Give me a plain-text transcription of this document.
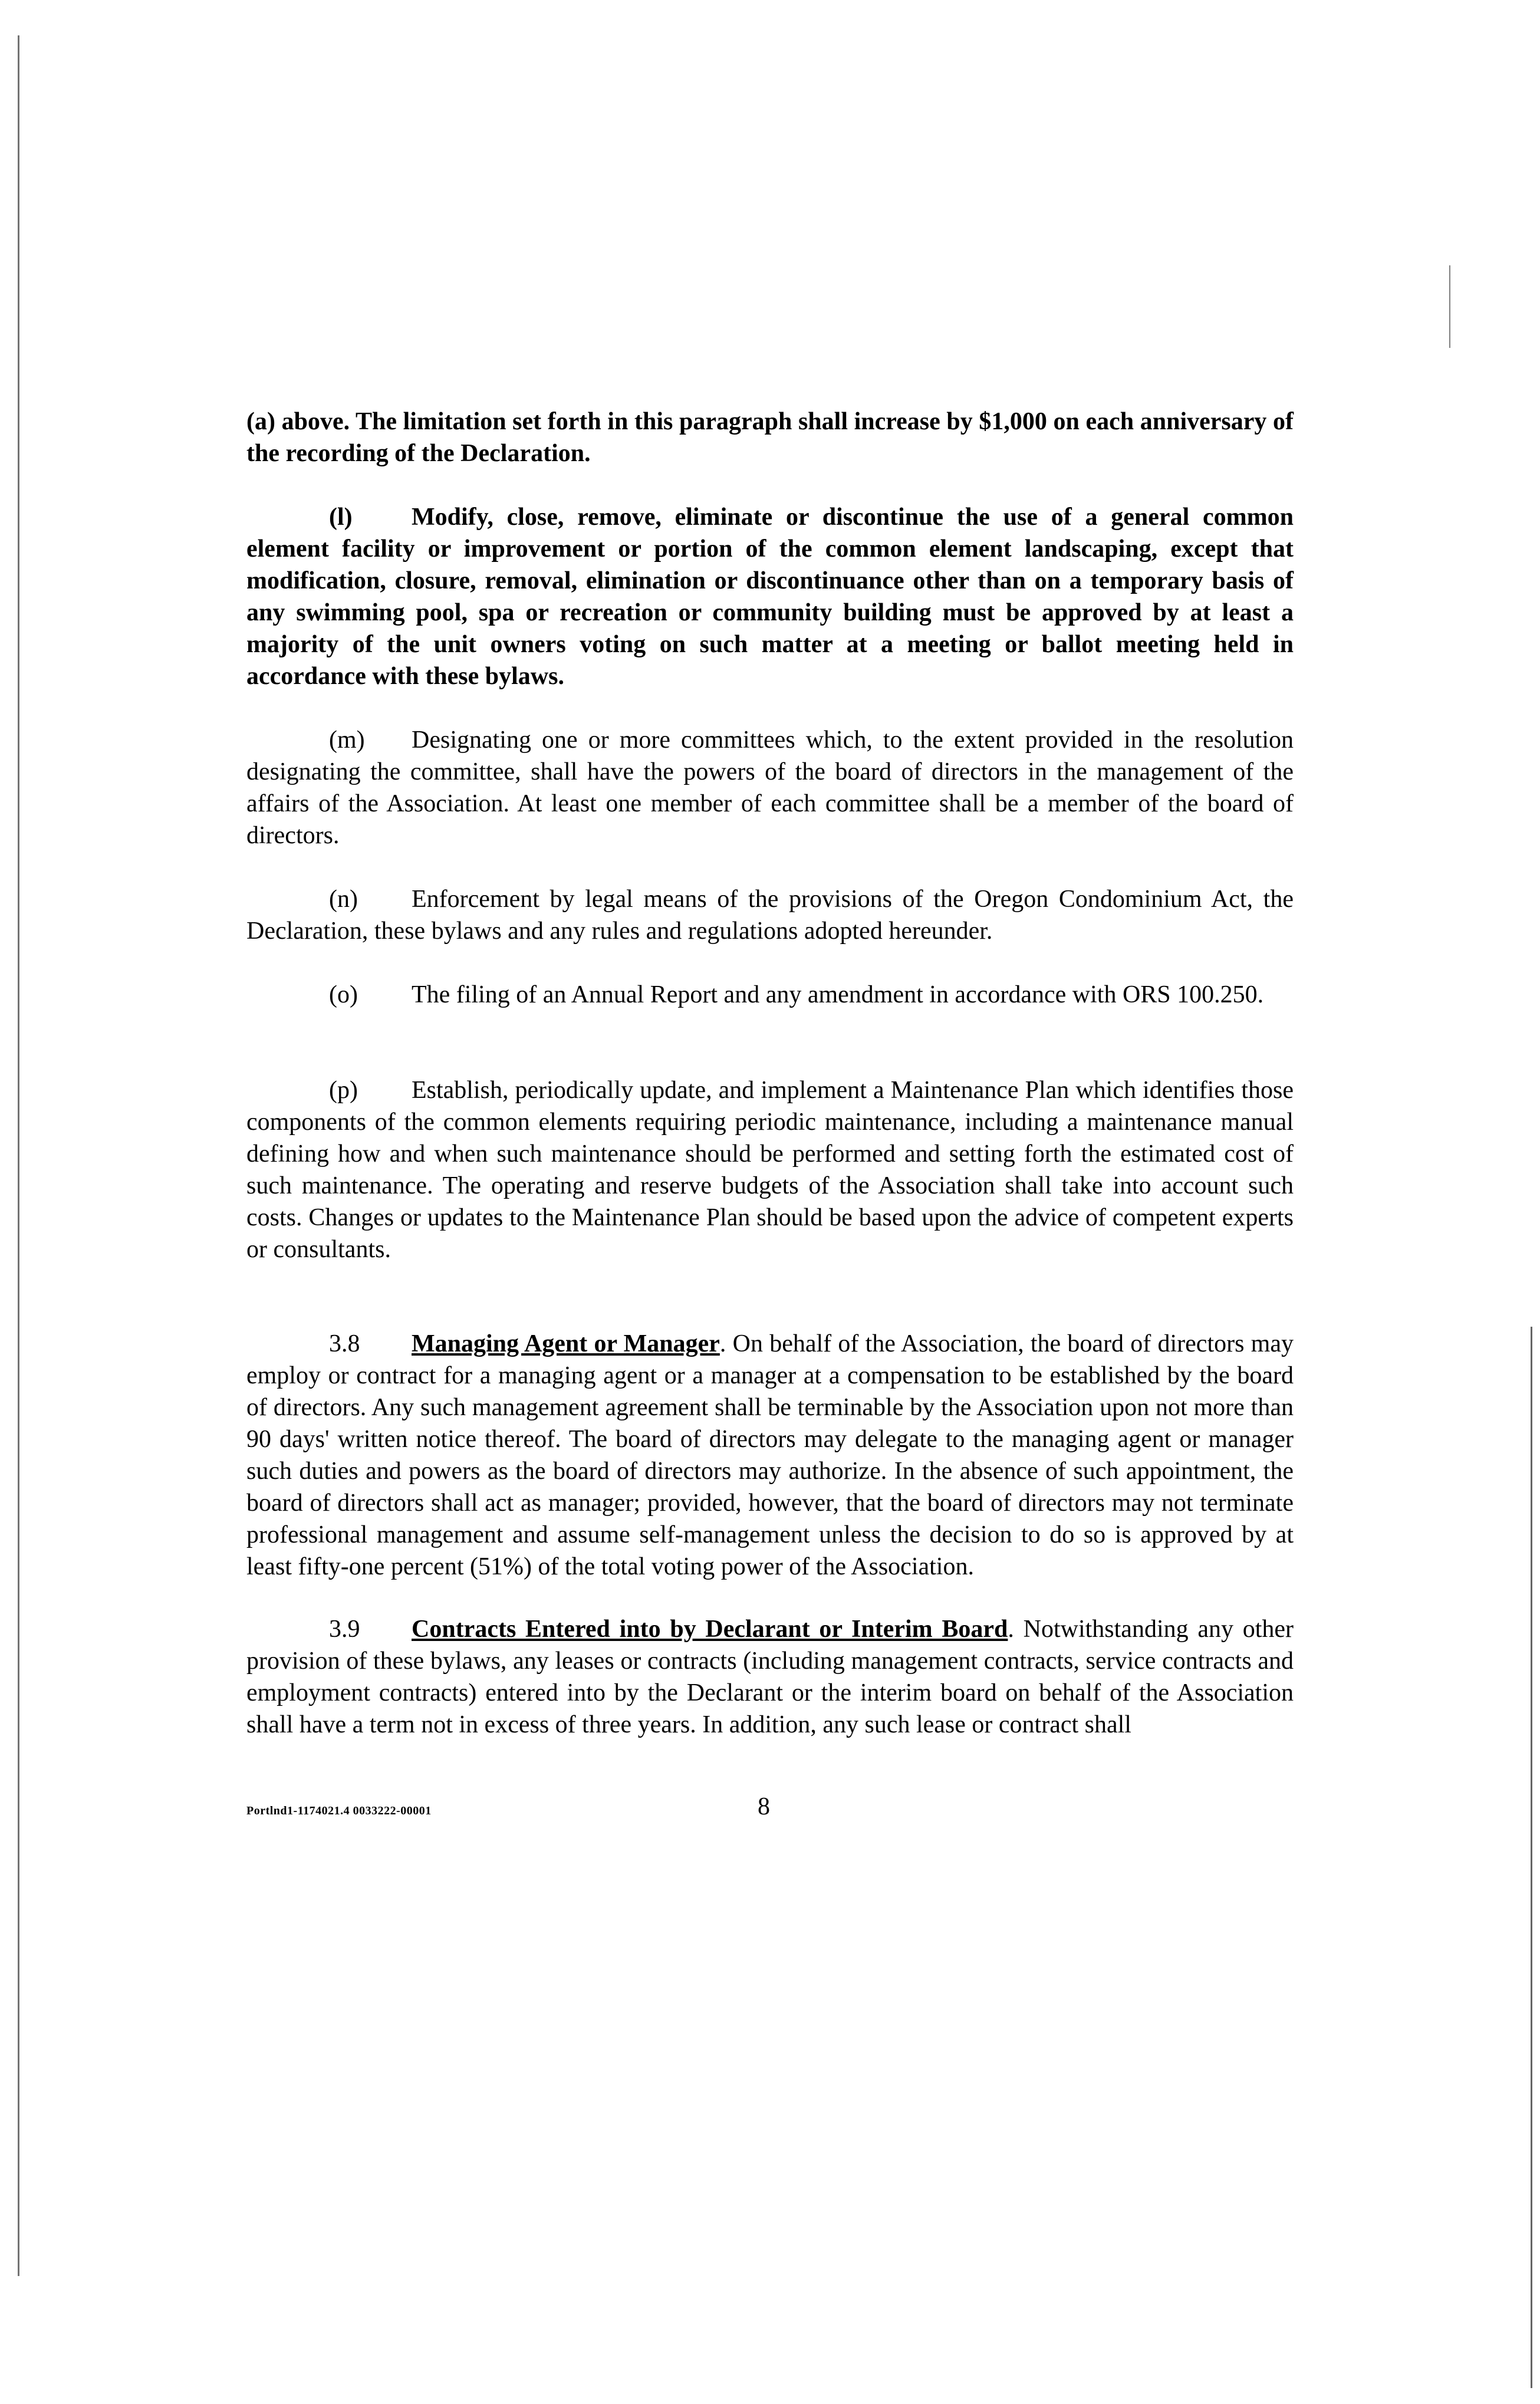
(a) above. The limitation set forth in this paragraph shall increase by $1,000 on each anniversary of the recording of the Declaration.

(l) Modify, close, remove, eliminate or discontinue the use of a general common element facility or improvement or portion of the common element landscaping, except that modification, closure, removal, elimination or discontinuance other than on a temporary basis of any swimming pool, spa or recreation or community building must be approved by at least a majority of the unit owners voting on such matter at a meeting or ballot meeting held in accordance with these bylaws.

(m) Designating one or more committees which, to the extent provided in the resolution designating the committee, shall have the powers of the board of directors in the management of the affairs of the Association. At least one member of each committee shall be a member of the board of directors.

(n) Enforcement by legal means of the provisions of the Oregon Condominium Act, the Declaration, these bylaws and any rules and regulations adopted hereunder.

(o) The filing of an Annual Report and any amendment in accordance with ORS 100.250.

(p) Establish, periodically update, and implement a Maintenance Plan which identifies those components of the common elements requiring periodic maintenance, including a maintenance manual defining how and when such maintenance should be performed and setting forth the estimated cost of such maintenance. The operating and reserve budgets of the Association shall take into account such costs. Changes or updates to the Maintenance Plan should be based upon the advice of competent experts or consultants.

3.8 Managing Agent or Manager. On behalf of the Association, the board of directors may employ or contract for a managing agent or a manager at a compensation to be established by the board of directors. Any such management agreement shall be terminable by the Association upon not more than 90 days' written notice thereof. The board of directors may delegate to the managing agent or manager such duties and powers as the board of directors may authorize. In the absence of such appointment, the board of directors shall act as manager; provided, however, that the board of directors may not terminate professional management and assume self-management unless the decision to do so is approved by at least fifty-one percent (51%) of the total voting power of the Association.

3.9 Contracts Entered into by Declarant or Interim Board. Notwithstanding any other provision of these bylaws, any leases or contracts (including management contracts, service contracts and employment contracts) entered into by the Declarant or the interim board on behalf of the Association shall have a term not in excess of three years. In addition, any such lease or contract shall

Portlnd1-1174021.4 0033222-00001	8
